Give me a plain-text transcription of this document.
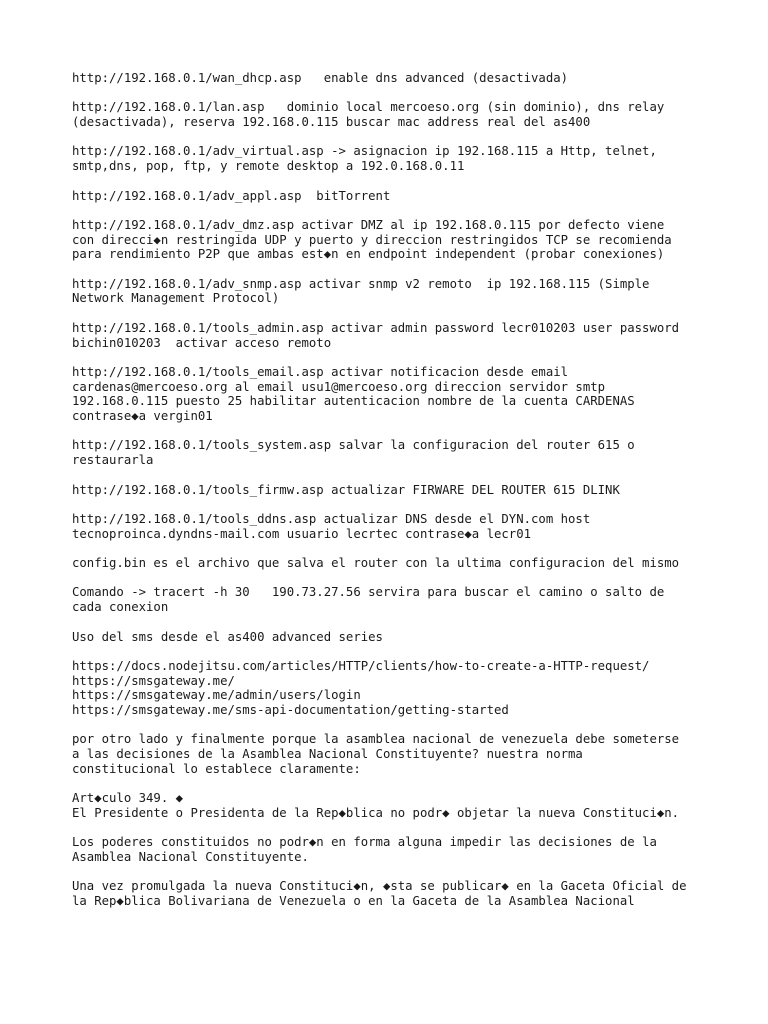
http://192.168.0.1/wan_dhcp.asp   enable dns advanced (desactivada)

http://192.168.0.1/lan.asp   dominio local mercoeso.org (sin dominio), dns relay
(desactivada), reserva 192.168.0.115 buscar mac address real del as400

http://192.168.0.1/adv_virtual.asp -> asignacion ip 192.168.115 a Http, telnet,
smtp,dns, pop, ftp, y remote desktop a 192.0.168.0.11

http://192.168.0.1/adv_appl.asp  bitTorrent

http://192.168.0.1/adv_dmz.asp activar DMZ al ip 192.168.0.115 por defecto viene
con direcci◆n restringida UDP y puerto y direccion restringidos TCP se recomienda
para rendimiento P2P que ambas est◆n en endpoint independent (probar conexiones)

http://192.168.0.1/adv_snmp.asp activar snmp v2 remoto  ip 192.168.115 (Simple
Network Management Protocol)

http://192.168.0.1/tools_admin.asp activar admin password lecr010203 user password
bichin010203  activar acceso remoto

http://192.168.0.1/tools_email.asp activar notificacion desde email
cardenas@mercoeso.org al email usu1@mercoeso.org direccion servidor smtp
192.168.0.115 puesto 25 habilitar autenticacion nombre de la cuenta CARDENAS
contrase◆a vergin01

http://192.168.0.1/tools_system.asp salvar la configuracion del router 615 o
restaurarla

http://192.168.0.1/tools_firmw.asp actualizar FIRWARE DEL ROUTER 615 DLINK

http://192.168.0.1/tools_ddns.asp actualizar DNS desde el DYN.com host
tecnoproinca.dyndns-mail.com usuario lecrtec contrase◆a lecr01

config.bin es el archivo que salva el router con la ultima configuracion del mismo

Comando -> tracert -h 30   190.73.27.56 servira para buscar el camino o salto de
cada conexion

Uso del sms desde el as400 advanced series

https://docs.nodejitsu.com/articles/HTTP/clients/how-to-create-a-HTTP-request/
https://smsgateway.me/
https://smsgateway.me/admin/users/login
https://smsgateway.me/sms-api-documentation/getting-started

por otro lado y finalmente porque la asamblea nacional de venezuela debe someterse
a las decisiones de la Asamblea Nacional Constituyente? nuestra norma
constitucional lo establece claramente:

Art◆culo 349. ◆
El Presidente o Presidenta de la Rep◆blica no podr◆ objetar la nueva Constituci◆n.

Los poderes constituidos no podr◆n en forma alguna impedir las decisiones de la
Asamblea Nacional Constituyente.

Una vez promulgada la nueva Constituci◆n, ◆sta se publicar◆ en la Gaceta Oficial de
la Rep◆blica Bolivariana de Venezuela o en la Gaceta de la Asamblea Nacional
